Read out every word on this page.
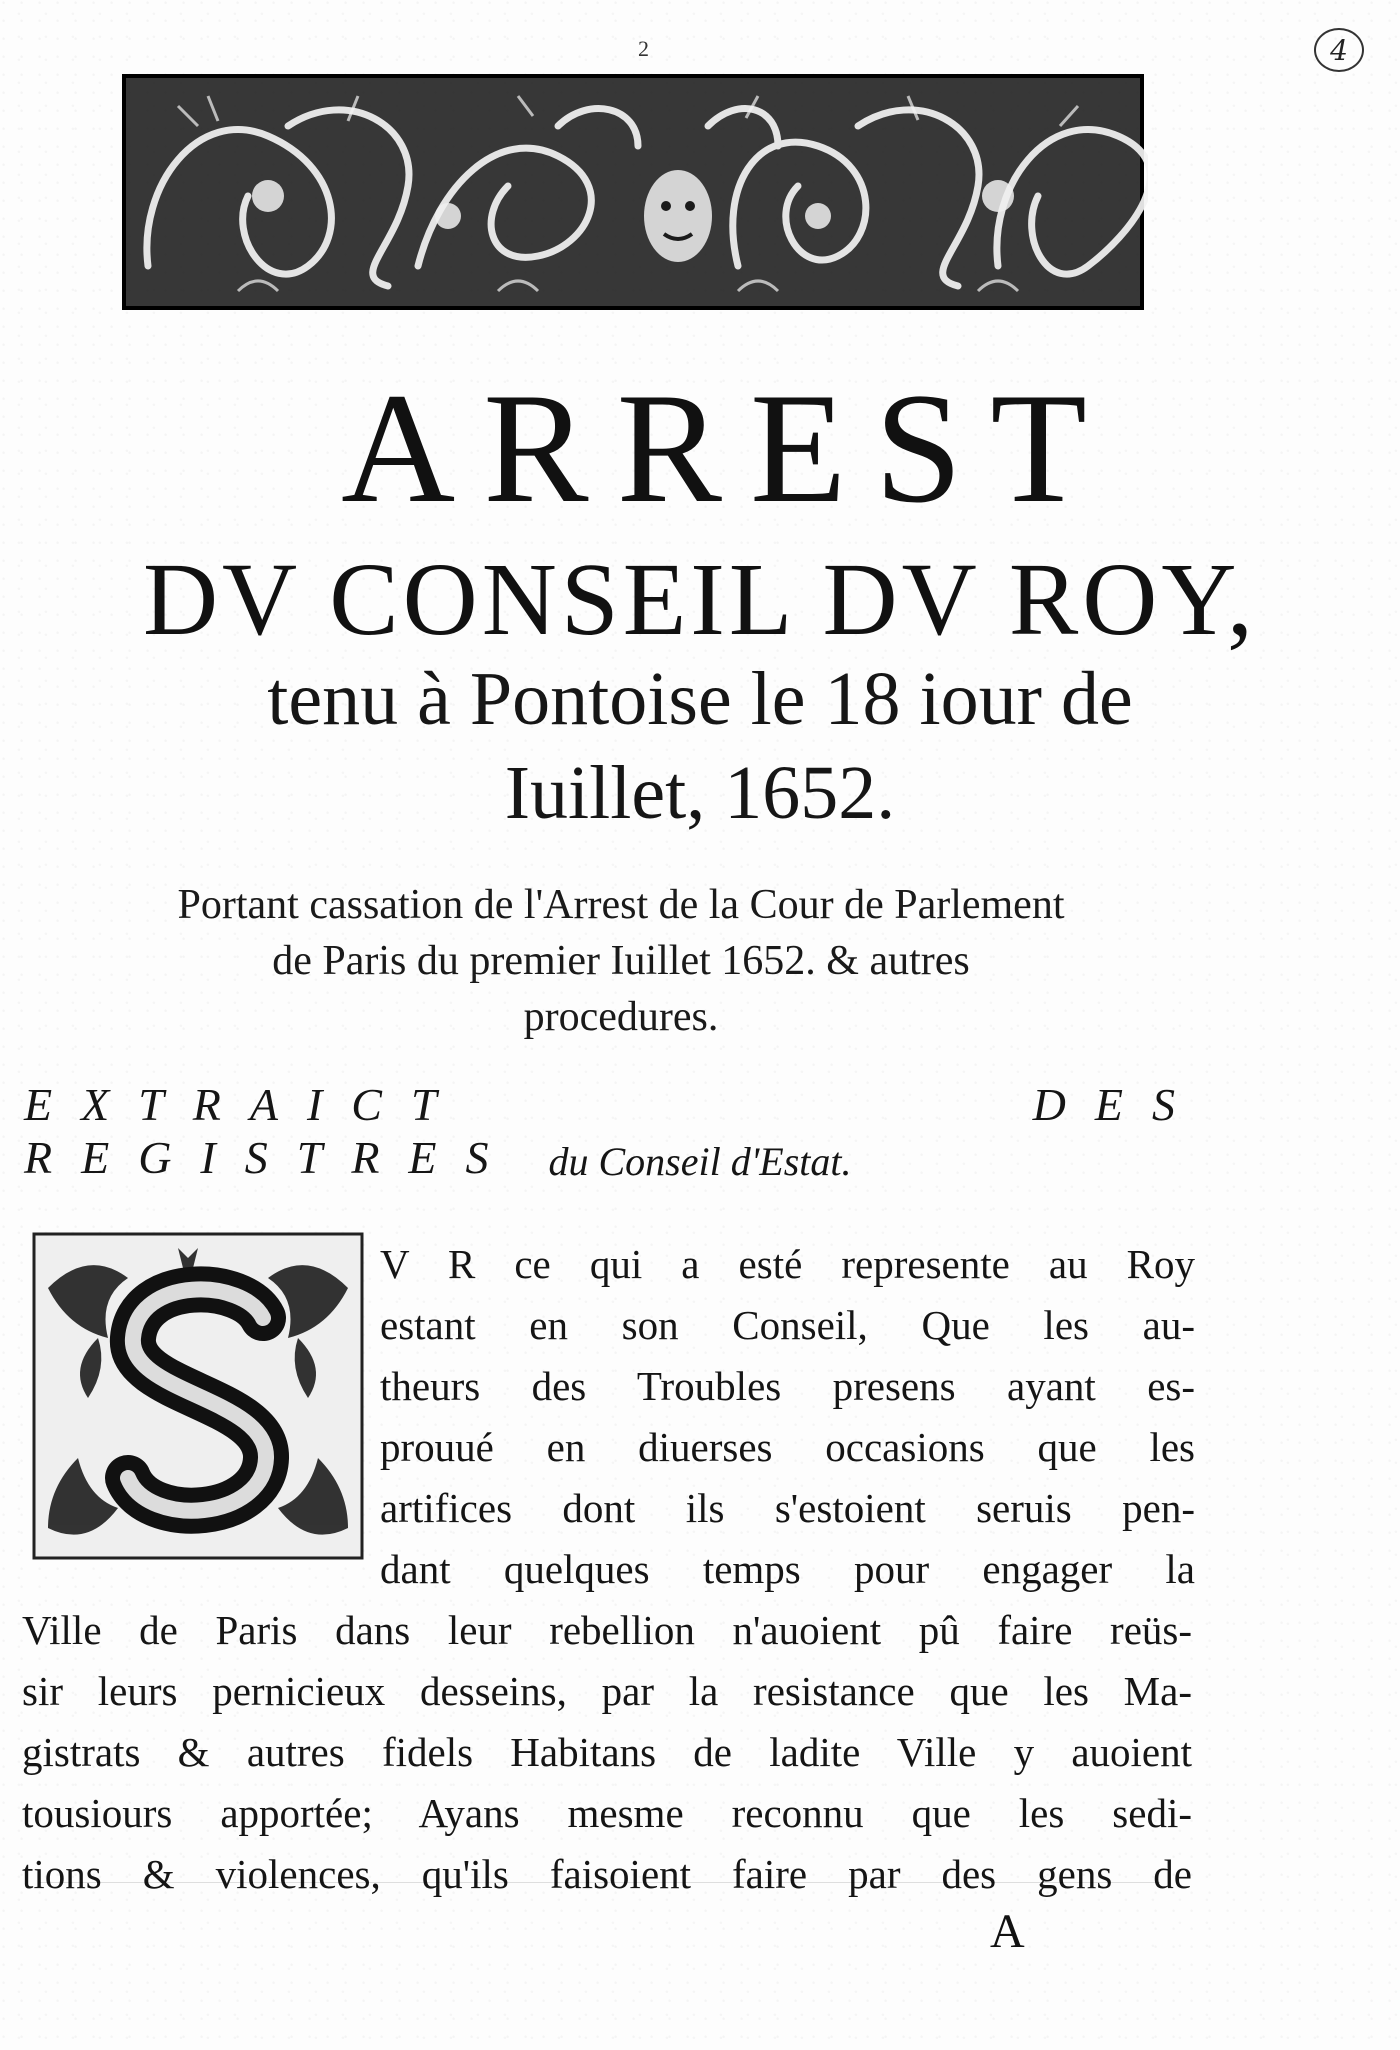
2	4
ARREST
DV CONSEIL DV ROY,
tenu à Pontoise le 18 iour de
Iuillet, 1652.
Portant cassation de l'Arrest de la Cour de Parlement
de Paris du premier Iuillet 1652. & autres
procedures.
EXTRAICT DES REGISTRES du Conseil d'Estat.
V R ce qui a esté represente au Roy
estant en son Conseil, Que les au-
theurs des Troubles presens ayant es-
prouué en diuerses occasions que les
artifices dont ils s'estoient seruis pen-
dant quelques temps pour engager la
Ville de Paris dans leur rebellion n'auoient pû faire reüs-
sir leurs pernicieux desseins, par la resistance que les Ma-
gistrats & autres fidels Habitans de ladite Ville y auoient
tousiours apportée; Ayans mesme reconnu que les sedi-
tions & violences, qu'ils faisoient faire par des gens de
A
